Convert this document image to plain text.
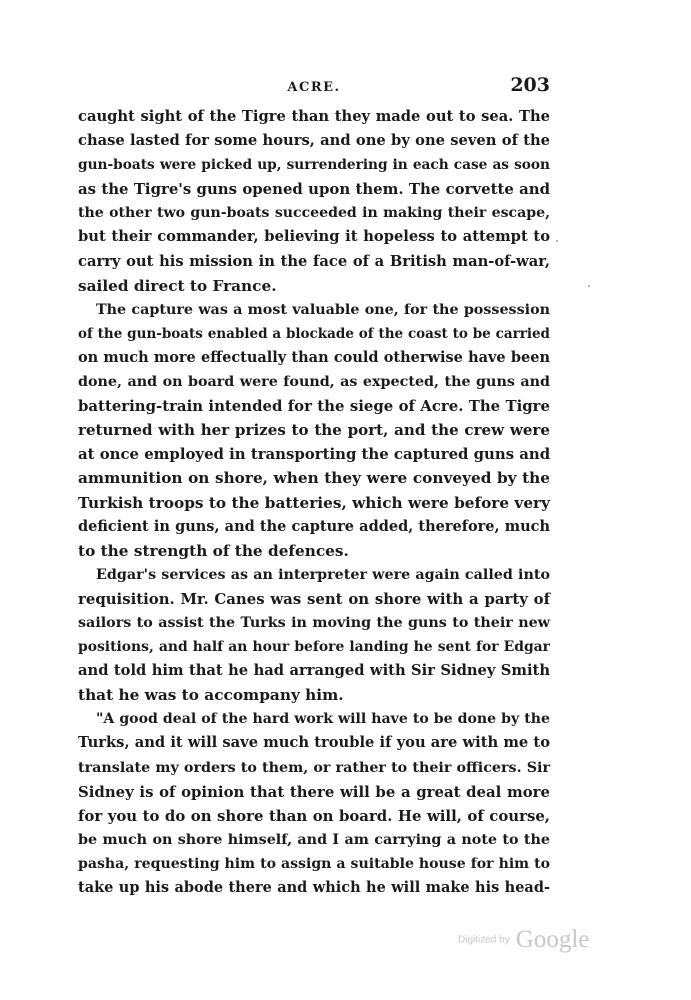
ACRE.	203
caught sight of the Tigre than they made out to sea. The
chase lasted for some hours, and one by one seven of the
gun-boats were picked up, surrendering in each case as soon
as the Tigre's guns opened upon them. The corvette and
the other two gun-boats succeeded in making their escape,
but their commander, believing it hopeless to attempt to
carry out his mission in the face of a British man-of-war,
sailed direct to France.
The capture was a most valuable one, for the possession
of the gun-boats enabled a blockade of the coast to be carried
on much more effectually than could otherwise have been
done, and on board were found, as expected, the guns and
battering-train intended for the siege of Acre. The Tigre
returned with her prizes to the port, and the crew were
at once employed in transporting the captured guns and
ammunition on shore, when they were conveyed by the
Turkish troops to the batteries, which were before very
deficient in guns, and the capture added, therefore, much
to the strength of the defences.
Edgar's services as an interpreter were again called into
requisition. Mr. Canes was sent on shore with a party of
sailors to assist the Turks in moving the guns to their new
positions, and half an hour before landing he sent for Edgar
and told him that he had arranged with Sir Sidney Smith
that he was to accompany him.
"A good deal of the hard work will have to be done by the
Turks, and it will save much trouble if you are with me to
translate my orders to them, or rather to their officers. Sir
Sidney is of opinion that there will be a great deal more
for you to do on shore than on board. He will, of course,
be much on shore himself, and I am carrying a note to the
pasha, requesting him to assign a suitable house for him to
take up his abode there and which he will make his head-
Digitized by Google
